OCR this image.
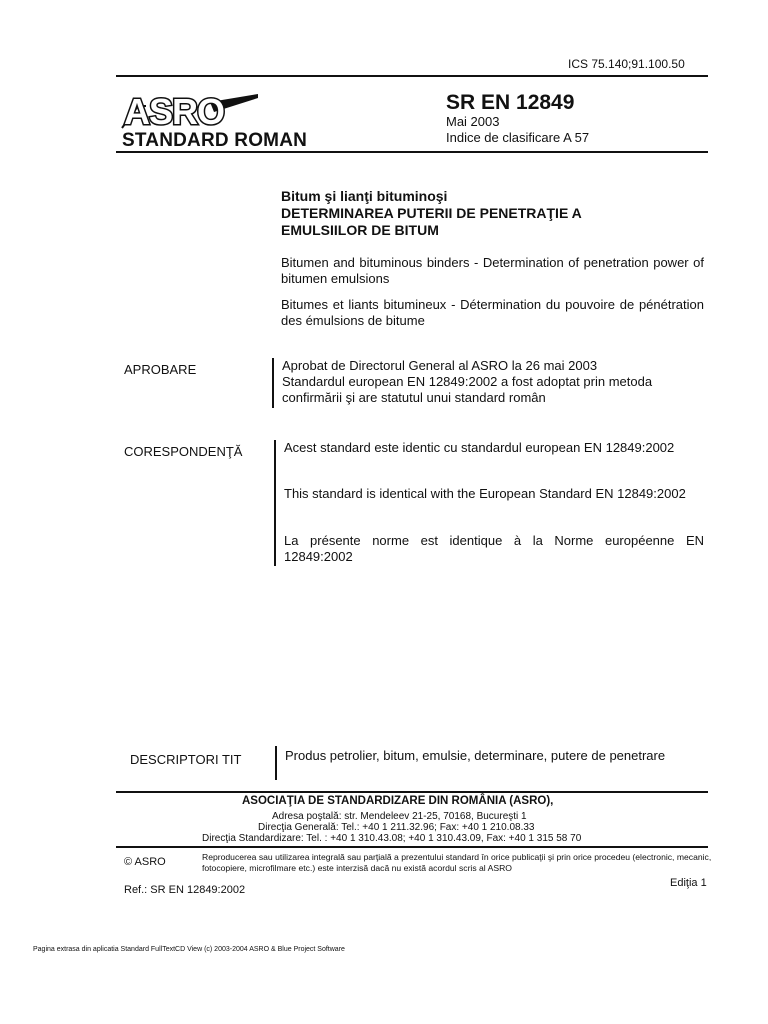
ICS 75.140;91.100.50
ASRO
STANDARD ROMAN
SR EN 12849
Mai 2003
Indice de clasificare A 57
Bitum şi lianţi bituminoşi
DETERMINAREA PUTERII DE PENETRAŢIE A
EMULSIILOR DE BITUM
Bitumen and bituminous binders - Determination of penetration power of bitumen emulsions
Bitumes et liants bitumineux - Détermination du pouvoire de pénétration des émulsions de bitume
APROBARE	Aprobat de Directorul General al ASRO la 26 mai 2003
Standardul european EN 12849:2002 a fost adoptat prin metoda confirmării şi are statutul unui standard român
CORESPONDENŢĂ	Acest standard este identic cu standardul european EN 12849:2002
This standard is identical with the European Standard EN 12849:2002
La présente norme est identique à la Norme européenne EN 12849:2002
DESCRIPTORI TIT	Produs petrolier, bitum, emulsie, determinare, putere de penetrare
ASOCIAŢIA DE STANDARDIZARE DIN ROMÂNIA (ASRO),
Adresa poştală: str. Mendeleev 21-25, 70168, Bucureşti 1
Direcţia Generală: Tel.: +40 1 211.32.96; Fax: +40 1 210.08.33
Direcţia Standardizare: Tel. : +40 1 310.43.08; +40 1 310.43.09, Fax: +40 1 315 58 70
© ASRO	Reproducerea sau utilizarea integrală sau parţială a prezentului standard în orice publicaţii şi prin orice procedeu (electronic, mecanic, fotocopiere, microfilmare etc.) este interzisă dacă nu există acordul scris al ASRO
Ediţia 1
Ref.: SR EN 12849:2002
Pagina extrasa din aplicatia Standard FullTextCD View (c) 2003-2004 ASRO & Blue Project Software
